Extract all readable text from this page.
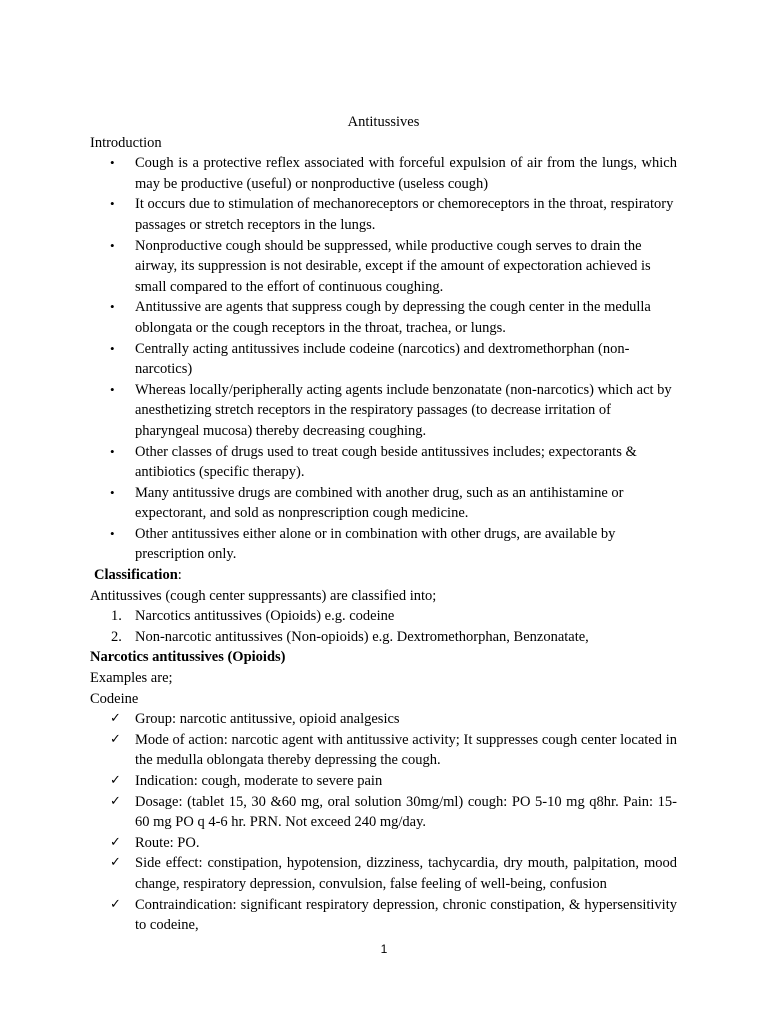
Antitussives
Introduction
• Cough is a protective reflex associated with forceful expulsion of air from the lungs, which may be productive (useful) or nonproductive (useless cough)
• It occurs due to stimulation of mechanoreceptors or chemoreceptors in the throat, respiratory passages or stretch receptors in the lungs.
• Nonproductive cough should be suppressed, while productive cough serves to drain the airway, its suppression is not desirable, except if the amount of expectoration achieved is small compared to the effort of continuous coughing.
• Antitussive are agents that suppress cough by depressing the cough center in the medulla oblongata or the cough receptors in the throat, trachea, or lungs.
• Centrally acting antitussives include codeine (narcotics) and dextromethorphan (non-narcotics)
• Whereas locally/peripherally acting agents include benzonatate (non-narcotics) which act by anesthetizing stretch receptors in the respiratory passages (to decrease irritation of pharyngeal mucosa) thereby decreasing coughing.
• Other classes of drugs used to treat cough beside antitussives includes; expectorants & antibiotics (specific therapy).
• Many antitussive drugs are combined with another drug, such as an antihistamine or expectorant, and sold as nonprescription cough medicine.
• Other antitussives either alone or in combination with other drugs, are available by prescription only.
Classification:
Antitussives (cough center suppressants) are classified into;
1. Narcotics antitussives (Opioids) e.g. codeine
2. Non-narcotic antitussives (Non-opioids) e.g. Dextromethorphan, Benzonatate,
Narcotics antitussives (Opioids)
Examples are;
Codeine
✓ Group: narcotic antitussive, opioid analgesics
✓ Mode of action: narcotic agent with antitussive activity; It suppresses cough center located in the medulla oblongata thereby depressing the cough.
✓ Indication: cough, moderate to severe pain
✓ Dosage: (tablet 15, 30 &60 mg, oral solution 30mg/ml) cough: PO 5-10 mg q8hr. Pain: 15-60 mg PO q 4-6 hr. PRN. Not exceed 240 mg/day.
✓ Route: PO.
✓ Side effect: constipation, hypotension, dizziness, tachycardia, dry mouth, palpitation, mood change, respiratory depression, convulsion, false feeling of well-being, confusion
✓ Contraindication: significant respiratory depression, chronic constipation, & hypersensitivity to codeine,
1
